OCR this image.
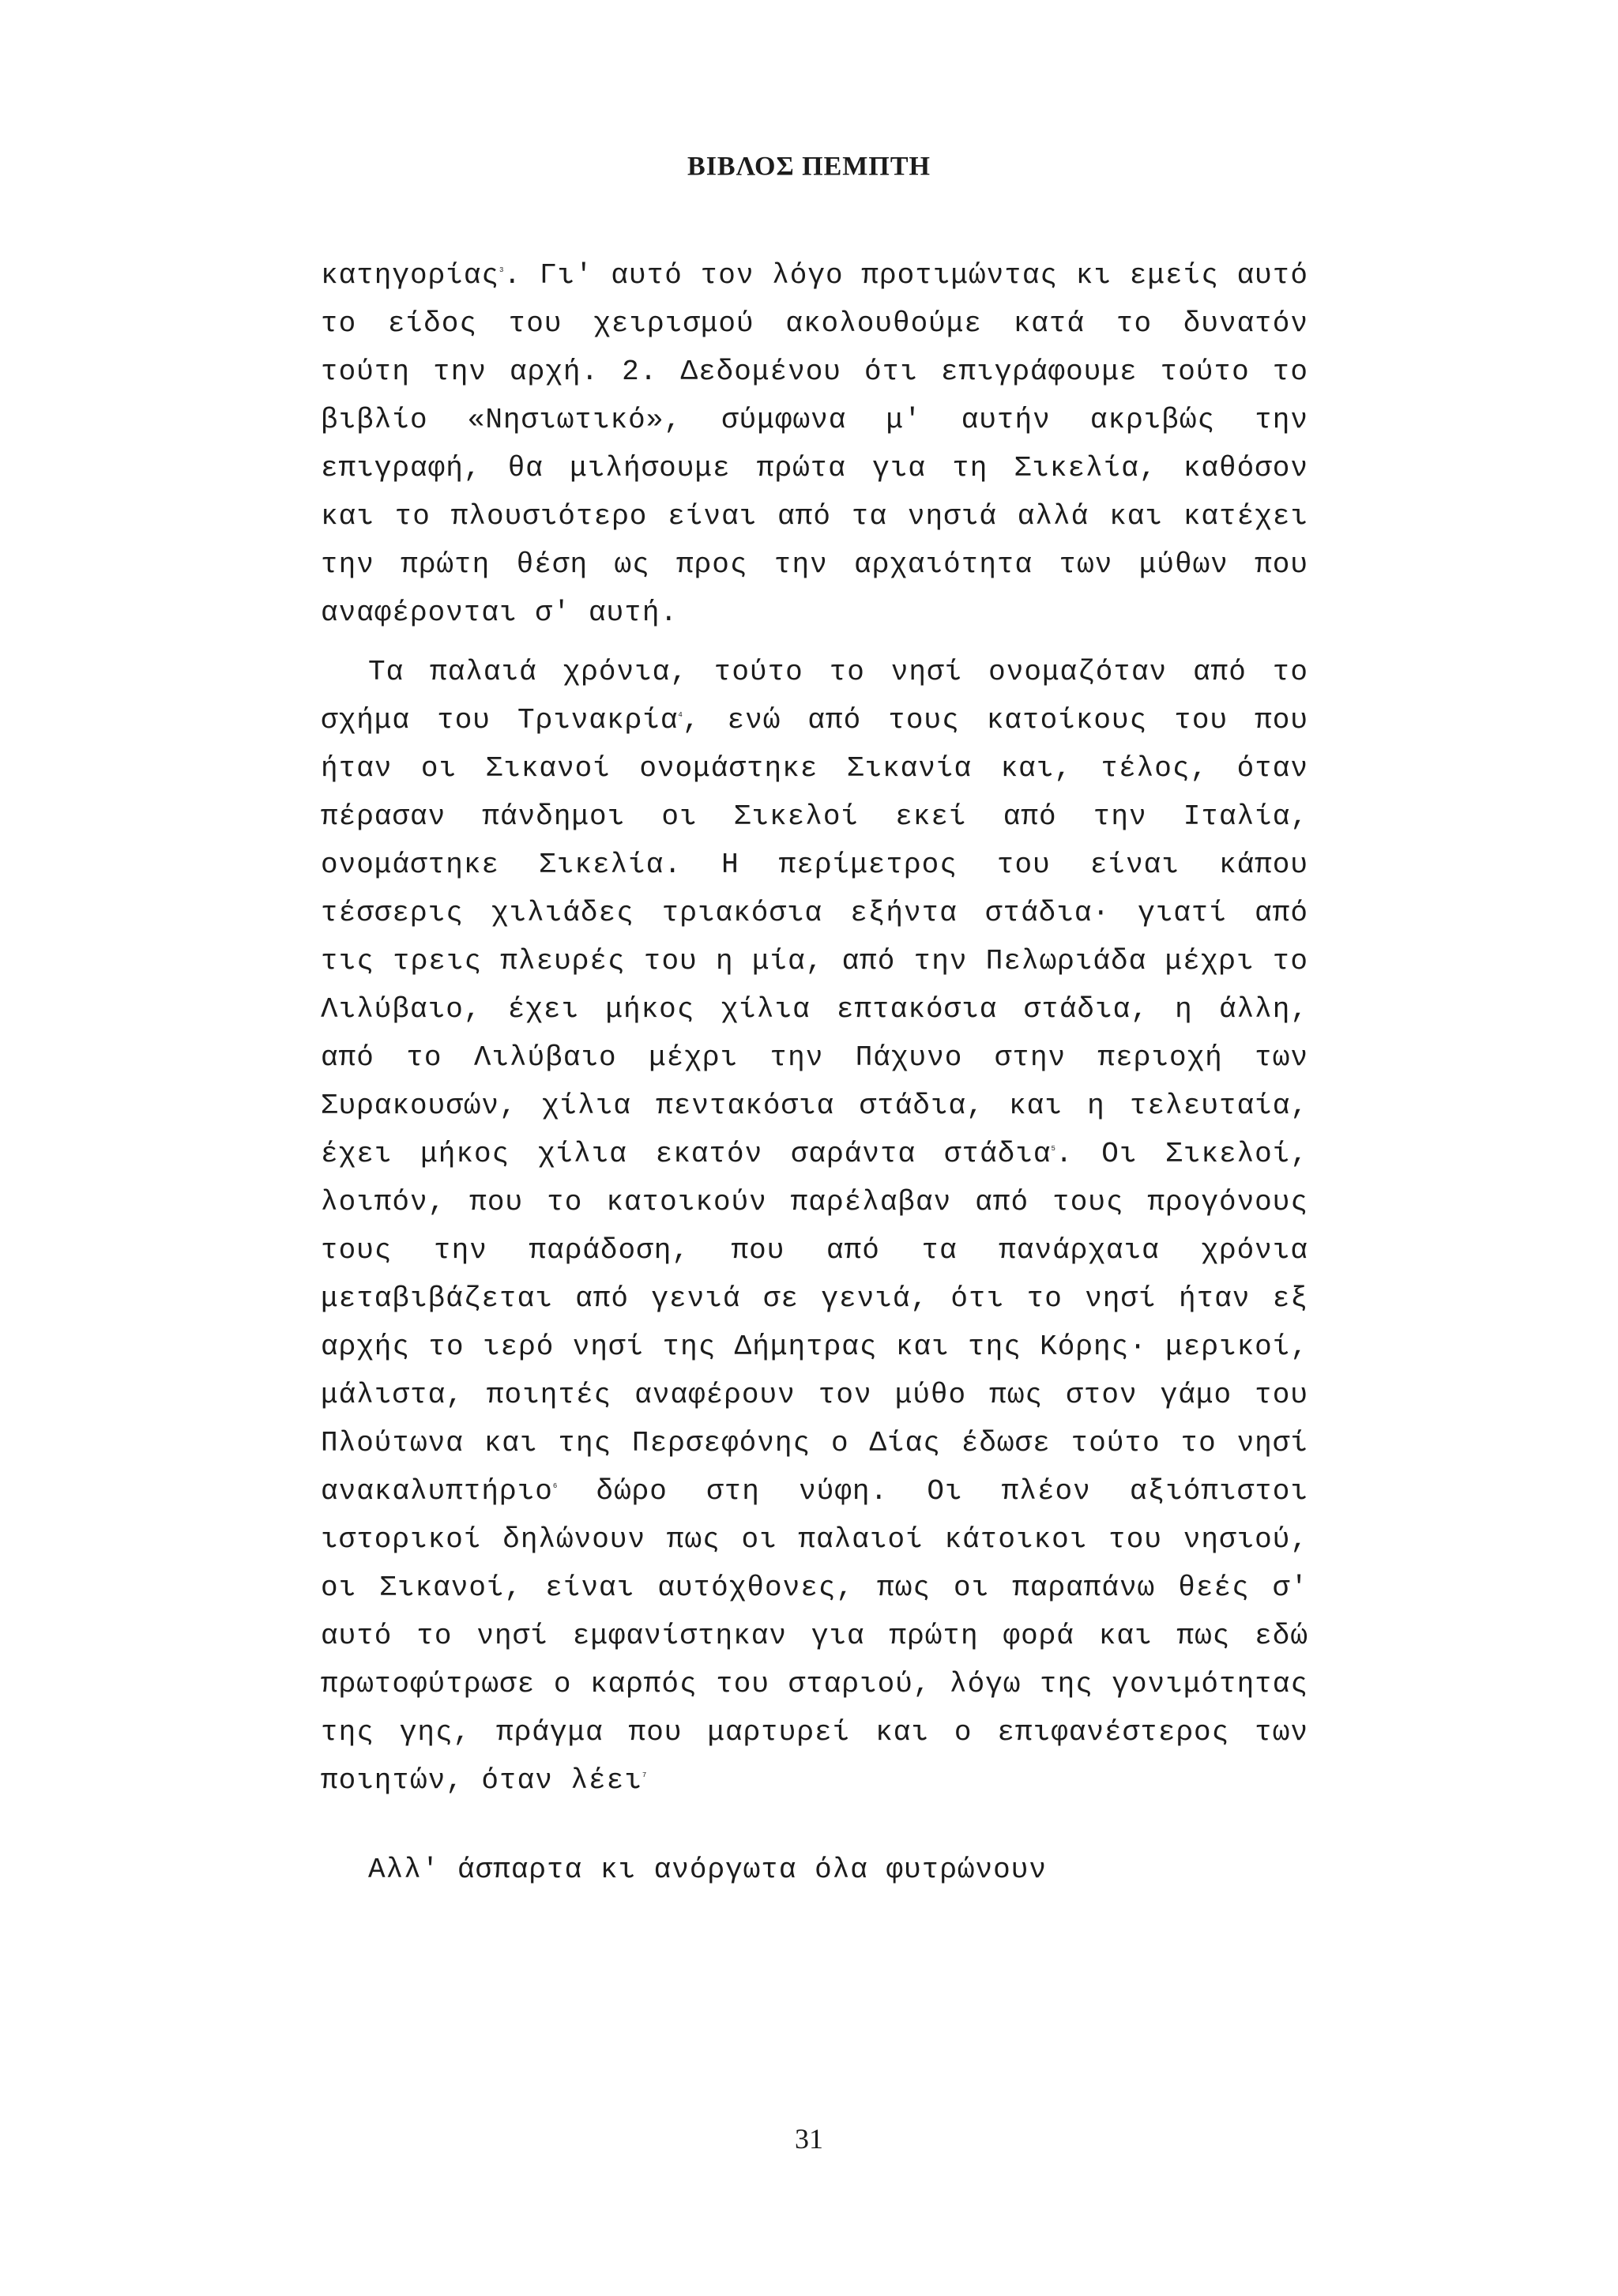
ΒΙΒΛΟΣ ΠΕΜΠΤΗ
κατηγορίας$^3$. Γι' αυτό τον λόγο προτιμώντας κι εμείς αυτό το είδος του χειρισμού ακολουθούμε κατά το δυνατόν τούτη την αρχή. 2. Δεδομένου ότι επιγράφουμε τούτο το βιβλίο «Νησιωτικό», σύμφωνα μ' αυτήν ακριβώς την επιγραφή, θα μιλήσουμε πρώτα για τη Σικελία, καθόσον και το πλουσιότερο είναι από τα νησιά αλλά και κατέχει την πρώτη θέση ως προς την αρχαιότητα των μύθων που αναφέρονται σ' αυτή.
Τα παλαιά χρόνια, τούτο το νησί ονομαζόταν από το σχήμα του Τρινακρία$^4$, ενώ από τους κατοίκους του που ήταν οι Σικανοί ονομάστηκε Σικανία και, τέλος, όταν πέρασαν πάνδημοι οι Σικελοί εκεί από την Ιταλία, ονομάστηκε Σικελία. Η περίμετρος του είναι κάπου τέσσερις χιλιάδες τριακόσια εξήντα στάδια· γιατί από τις τρεις πλευρές του η μία, από την Πελωριάδα μέχρι το Λιλύβαιο, έχει μήκος χίλια επτακόσια στάδια, η άλλη, από το Λιλύβαιο μέχρι την Πάχυνο στην περιοχή των Συρακουσών, χίλια πεντακόσια στάδια, και η τελευταία, έχει μήκος χίλια εκατόν σαράντα στάδια$^5$. Οι Σικελοί, λοιπόν, που το κατοικούν παρέλαβαν από τους προγόνους τους την παράδοση, που από τα πανάρχαια χρόνια μεταβιβάζεται από γενιά σε γενιά, ότι το νησί ήταν εξ αρχής το ιερό νησί της Δήμητρας και της Κόρης· μερικοί, μάλιστα, ποιητές αναφέρουν τον μύθο πως στον γάμο του Πλούτωνα και της Περσεφόνης ο Δίας έδωσε τούτο το νησί ανακαλυπτήριο$^6$ δώρο στη νύφη. Οι πλέον αξιόπιστοι ιστορικοί δηλώνουν πως οι παλαιοί κάτοικοι του νησιού, οι Σικανοί, είναι αυτόχθονες, πως οι παραπάνω θεές σ' αυτό το νησί εμφανίστηκαν για πρώτη φορά και πως εδώ πρωτοφύτρωσε ο καρπός του σταριού, λόγω της γονιμότητας της γης, πράγμα που μαρτυρεί και ο επιφανέστερος των ποιητών, όταν λέει$^7$
Αλλ' άσπαρτα κι ανόργωτα όλα φυτρώνουν
31
